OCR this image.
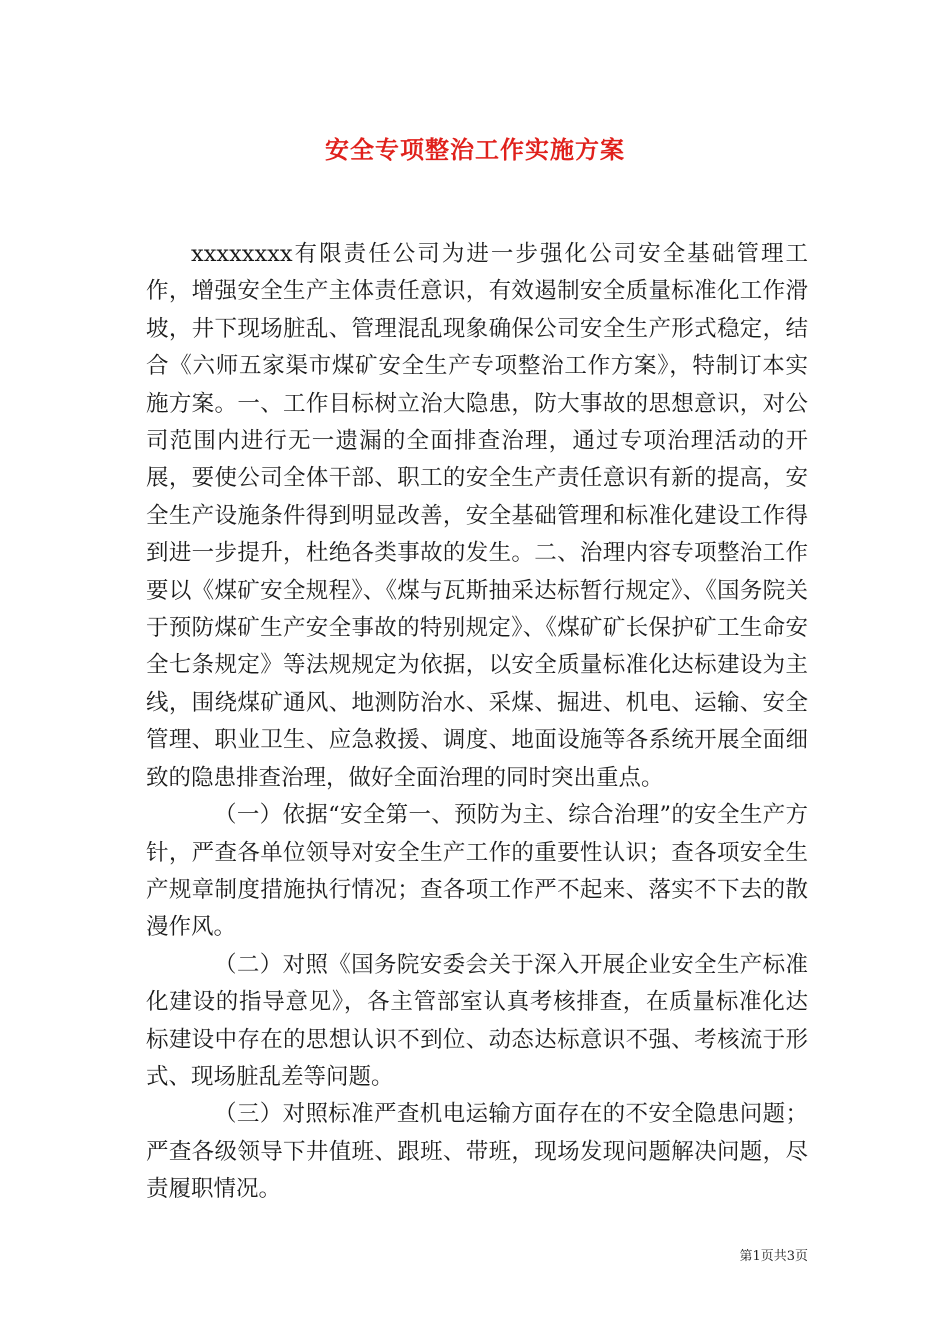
安全专项整治工作实施方案

xxxxxxxx有限责任公司为进一步强化公司安全基础管理工作，增强安全生产主体责任意识，有效遏制安全质量标准化工作滑坡，井下现场脏乱、管理混乱现象确保公司安全生产形式稳定，结合《六师五家渠市煤矿安全生产专项整治工作方案》，特制订本实施方案。一、工作目标树立治大隐患，防大事故的思想意识，对公司范围内进行无一遗漏的全面排查治理，通过专项治理活动的开展，要使公司全体干部、职工的安全生产责任意识有新的提高，安全生产设施条件得到明显改善，安全基础管理和标准化建设工作得到进一步提升，杜绝各类事故的发生。二、治理内容专项整治工作要以《煤矿安全规程》、《煤与瓦斯抽采达标暂行规定》、《国务院关于预防煤矿生产安全事故的特别规定》、《煤矿矿长保护矿工生命安全七条规定》等法规规定为依据，以安全质量标准化达标建设为主线，围绕煤矿通风、地测防治水、采煤、掘进、机电、运输、安全管理、职业卫生、应急救援、调度、地面设施等各系统开展全面细致的隐患排查治理，做好全面治理的同时突出重点。

（一）依据“安全第一、预防为主、综合治理”的安全生产方针，严查各单位领导对安全生产工作的重要性认识；查各项安全生产规章制度措施执行情况；查各项工作严不起来、落实不下去的散漫作风。

（二）对照《国务院安委会关于深入开展企业安全生产标准化建设的指导意见》，各主管部室认真考核排查，在质量标准化达标建设中存在的思想认识不到位、动态达标意识不强、考核流于形式、现场脏乱差等问题。

（三）对照标准严查机电运输方面存在的不安全隐患问题；严查各级领导下井值班、跟班、带班，现场发现问题解决问题，尽责履职情况。

第1页共3页
